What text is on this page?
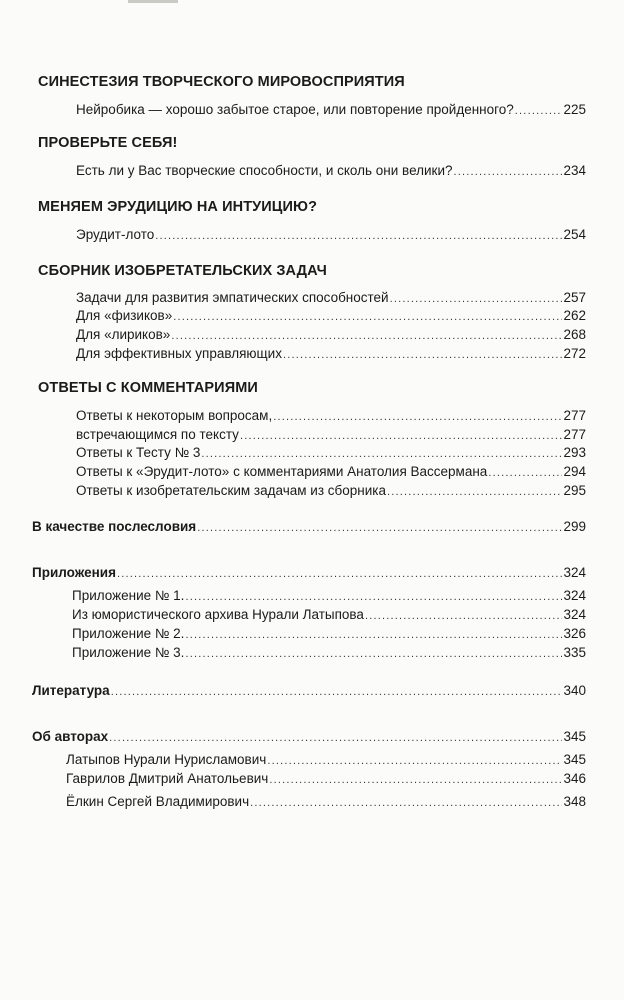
СИНЕСТЕЗИЯ ТВОРЧЕСКОГО МИРОВОСПРИЯТИЯ
Нейробика — хорошо забытое старое, или повторение пройденного? .....	225
ПРОВЕРЬТЕ СЕБЯ!
Есть ли у Вас творческие способности, и сколь они велики? .....	234
МЕНЯЕМ ЭРУДИЦИЮ НА ИНТУИЦИЮ?
Эрудит-лото .....	254
СБОРНИК ИЗОБРЕТАТЕЛЬСКИХ ЗАДАЧ
Задачи для развития эмпатических способностей .....	257
Для «физиков» .....	262
Для «лириков» .....	268
Для эффективных управляющих .....	272
ОТВЕТЫ С КОММЕНТАРИЯМИ
Ответы к некоторым вопросам, .....	277
встречающимся по тексту .....	277
Ответы к Тесту № 3 .....	293
Ответы к «Эрудит-лото» с комментариями Анатолия Вассермана .....	294
Ответы к изобретательским задачам из сборника .....	295
В качестве послесловия .....	299
Приложения .....	324
Приложение № 1. .....	324
Из юмористического архива Нурали Латыпова .....	324
Приложение № 2. .....	326
Приложение № 3. .....	335
Литература .....	340
Об авторах .....	345
Латыпов Нурали Нурисламович .....	345
Гаврилов Дмитрий Анатольевич .....	346
Ёлкин Сергей Владимирович .....	348
